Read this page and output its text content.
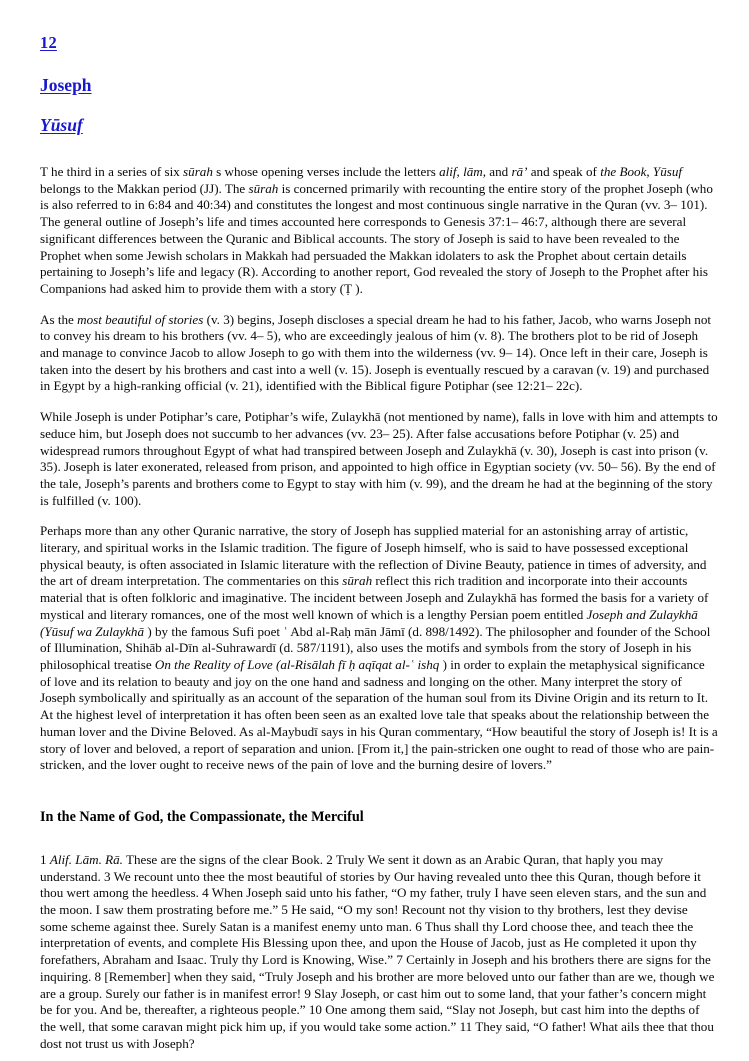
12
Joseph
Yūsuf

T he third in a series of six sūrah s whose opening verses include the letters alif, lām, and rā’ and speak of the Book, Yūsuf belongs to the Makkan period (JJ). The sūrah is concerned primarily with recounting the entire story of the prophet Joseph (who is also referred to in 6:84 and 40:34) and constitutes the longest and most continuous single narrative in the Quran (vv. 3– 101). The general outline of Joseph’s life and times accounted here corresponds to Genesis 37:1– 46:7, although there are several significant differences between the Quranic and Biblical accounts. The story of Joseph is said to have been revealed to the Prophet when some Jewish scholars in Makkah had persuaded the Makkan idolaters to ask the Prophet about certain details pertaining to Joseph’s life and legacy (R). According to another report, God revealed the story of Joseph to the Prophet after his Companions had asked him to provide them with a story (Ṭ ).

As the most beautiful of stories (v. 3) begins, Joseph discloses a special dream he had to his father, Jacob, who warns Joseph not to convey his dream to his brothers (vv. 4– 5), who are exceedingly jealous of him (v. 8). The brothers plot to be rid of Joseph and manage to convince Jacob to allow Joseph to go with them into the wilderness (vv. 9– 14). Once left in their care, Joseph is taken into the desert by his brothers and cast into a well (v. 15). Joseph is eventually rescued by a caravan (v. 19) and purchased in Egypt by a high-ranking official (v. 21), identified with the Biblical figure Potiphar (see 12:21– 22c).

While Joseph is under Potiphar’s care, Potiphar’s wife, Zulaykhā (not mentioned by name), falls in love with him and attempts to seduce him, but Joseph does not succumb to her advances (vv. 23– 25). After false accusations before Potiphar (v. 25) and widespread rumors throughout Egypt of what had transpired between Joseph and Zulaykhā (v. 30), Joseph is cast into prison (v. 35). Joseph is later exonerated, released from prison, and appointed to high office in Egyptian society (vv. 50– 56). By the end of the tale, Joseph’s parents and brothers come to Egypt to stay with him (v. 99), and the dream he had at the beginning of the story is fulfilled (v. 100).

Perhaps more than any other Quranic narrative, the story of Joseph has supplied material for an astonishing array of artistic, literary, and spiritual works in the Islamic tradition. The figure of Joseph himself, who is said to have possessed exceptional physical beauty, is often associated in Islamic literature with the reflection of Divine Beauty, patience in times of adversity, and the art of dream interpretation. The commentaries on this sūrah reflect this rich tradition and incorporate into their accounts material that is often folkloric and imaginative. The incident between Joseph and Zulaykhā has formed the basis for a variety of mystical and literary romances, one of the most well known of which is a lengthy Persian poem entitled Joseph and Zulaykhā (Yūsuf wa Zulaykhā ) by the famous Sufi poet ʿ Abd al-Raḥ mān Jāmī (d. 898/1492). The philosopher and founder of the School of Illumination, Shihāb al-Dīn al-Suhrawardī (d. 587/1191), also uses the motifs and symbols from the story of Joseph in his philosophical treatise On the Reality of Love (al-Risālah fī ḥ aqīqat al-ʿ ishq ) in order to explain the metaphysical significance of love and its relation to beauty and joy on the one hand and sadness and longing on the other. Many interpret the story of Joseph symbolically and spiritually as an account of the separation of the human soul from its Divine Origin and its return to It. At the highest level of interpretation it has often been seen as an exalted love tale that speaks about the relationship between the human lover and the Divine Beloved. As al-Maybudī says in his Quran commentary, “How beautiful the story of Joseph is! It is a story of lover and beloved, a report of separation and union. [From it,] the pain-stricken one ought to read of those who are pain-stricken, and the lover ought to receive news of the pain of love and the burning desire of lovers.”

In the Name of God, the Compassionate, the Merciful

1 Alif. Lām. Rā. These are the signs of the clear Book. 2 Truly We sent it down as an Arabic Quran, that haply you may understand. 3 We recount unto thee the most beautiful of stories by Our having revealed unto thee this Quran, though before it thou wert among the heedless. 4 When Joseph said unto his father, “O my father, truly I have seen eleven stars, and the sun and the moon. I saw them prostrating before me.” 5 He said, “O my son! Recount not thy vision to thy brothers, lest they devise some scheme against thee. Surely Satan is a manifest enemy unto man. 6 Thus shall thy Lord choose thee, and teach thee the interpretation of events, and complete His Blessing upon thee, and upon the House of Jacob, just as He completed it upon thy forefathers, Abraham and Isaac. Truly thy Lord is Knowing, Wise.” 7 Certainly in Joseph and his brothers there are signs for the inquiring. 8 [Remember] when they said, “Truly Joseph and his brother are more beloved unto our father than are we, though we are a group. Surely our father is in manifest error! 9 Slay Joseph, or cast him out to some land, that your father’s concern might be for you. And be, thereafter, a righteous people.” 10 One among them said, “Slay not Joseph, but cast him into the depths of the well, that some caravan might pick him up, if you would take some action.” 11 They said, “O father! What ails thee that thou dost not trust us with Joseph?
